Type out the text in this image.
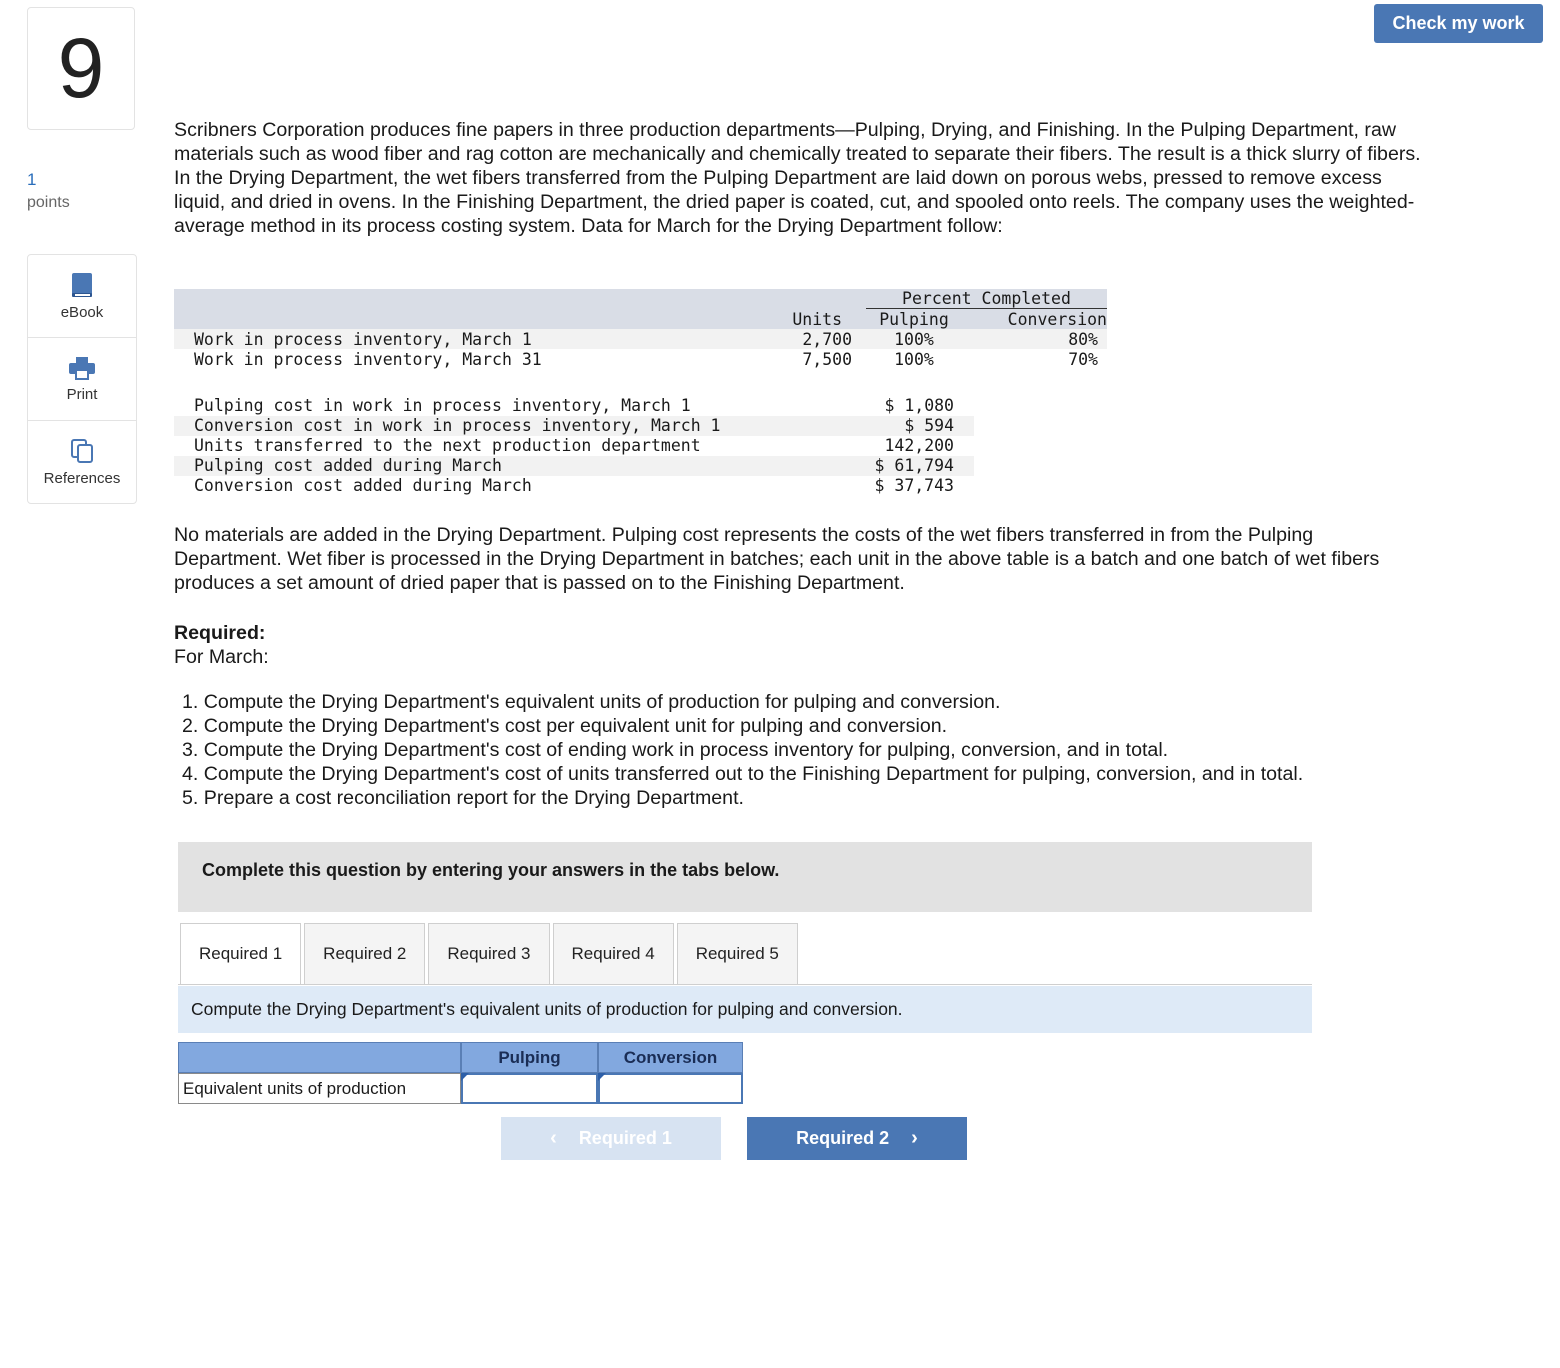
9
1
points
eBook
Print
References
Check my work
Scribners Corporation produces fine papers in three production departments—Pulping, Drying, and Finishing. In the Pulping Department, raw materials such as wood fiber and rag cotton are mechanically and chemically treated to separate their fibers. The result is a thick slurry of fibers. In the Drying Department, the wet fibers transferred from the Pulping Department are laid down on porous webs, pressed to remove excess liquid, and dried in ovens. In the Finishing Department, the dried paper is coated, cut, and spooled onto reels. The company uses the weighted-average method in its process costing system. Data for March for the Drying Department follow:
Percent Completed
Units	Pulping	Conversion
Work in process inventory, March 1	2,700	100%	80%
Work in process inventory, March 31	7,500	100%	70%
Pulping cost in work in process inventory, March 1	$ 1,080
Conversion cost in work in process inventory, March 1	$ 594
Units transferred to the next production department	142,200
Pulping cost added during March	$ 61,794
Conversion cost added during March	$ 37,743
No materials are added in the Drying Department. Pulping cost represents the costs of the wet fibers transferred in from the Pulping Department. Wet fiber is processed in the Drying Department in batches; each unit in the above table is a batch and one batch of wet fibers produces a set amount of dried paper that is passed on to the Finishing Department.
Required:
For March:
1. Compute the Drying Department's equivalent units of production for pulping and conversion.
2. Compute the Drying Department's cost per equivalent unit for pulping and conversion.
3. Compute the Drying Department's cost of ending work in process inventory for pulping, conversion, and in total.
4. Compute the Drying Department's cost of units transferred out to the Finishing Department for pulping, conversion, and in total.
5. Prepare a cost reconciliation report for the Drying Department.
Complete this question by entering your answers in the tabs below.
Required 1	Required 2	Required 3	Required 4	Required 5
Compute the Drying Department's equivalent units of production for pulping and conversion.
Pulping	Conversion
Equivalent units of production
‹ Required 1	Required 2 ›
